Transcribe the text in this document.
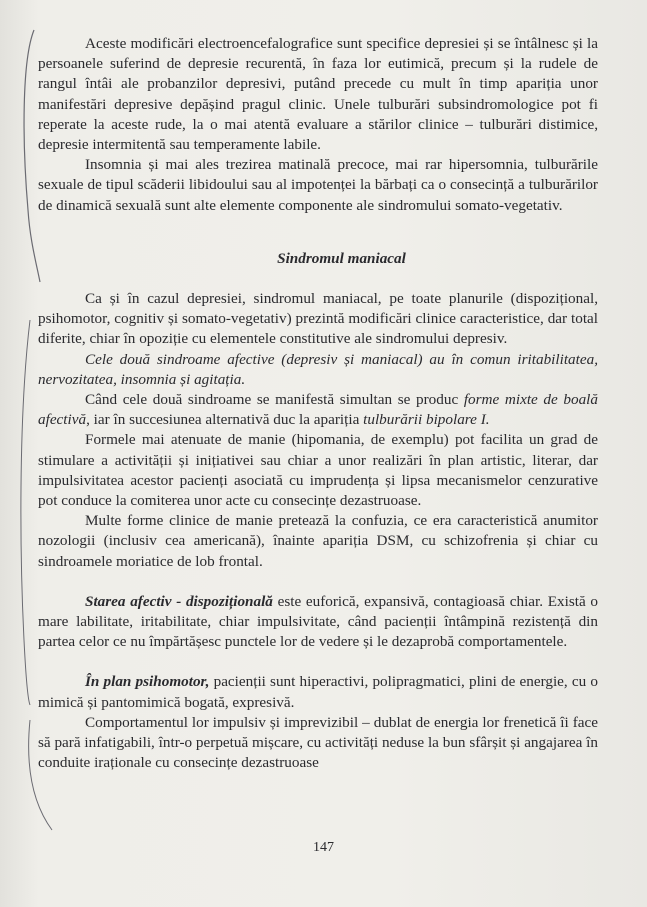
Aceste modificări electroencefalografice sunt specifice depresiei și se întâlnesc și la persoanele suferind de depresie recurentă, în faza lor eutimică, precum și la rudele de rangul întâi ale probanzilor depresivi, putând precede cu mult în timp apariția unor manifestări depresive depășind pragul clinic. Unele tulburări subsindromologice pot fi reperate la aceste rude, la o mai atentă evaluare a stărilor clinice – tulburări distimice, depresie intermitentă sau temperamente labile.

Insomnia și mai ales trezirea matinală precoce, mai rar hipersomnia, tulburările sexuale de tipul scăderii libidoului sau al impotenței la bărbați ca o consecință a tulburărilor de dinamică sexuală sunt alte elemente componente ale sindromului somato-vegetativ.

Sindromul maniacal

Ca și în cazul depresiei, sindromul maniacal, pe toate planurile (dispozițional, psihomotor, cognitiv și somato-vegetativ) prezintă modificări clinice caracteristice, dar total diferite, chiar în opoziție cu elementele constitutive ale sindromului depresiv.

Cele două sindroame afective (depresiv și maniacal) au în comun iritabilitatea, nervozitatea, insomnia și agitația.

Când cele două sindroame se manifestă simultan se produc forme mixte de boală afectivă, iar în succesiunea alternativă duc la apariția tulburării bipolare I.

Formele mai atenuate de manie (hipomania, de exemplu) pot facilita un grad de stimulare a activității și inițiativei sau chiar a unor realizări în plan artistic, literar, dar impulsivitatea acestor pacienți asociată cu imprudența și lipsa mecanismelor cenzurative pot conduce la comiterea unor acte cu consecințe dezastruoase.

Multe forme clinice de manie pretează la confuzia, ce era caracteristică anumitor nozologii (inclusiv cea americană), înainte apariția DSM, cu schizofrenia și chiar cu sindroamele moriatice de lob frontal.

Starea afectiv - dispozițională este euforică, expansivă, contagioasă chiar. Există o mare labilitate, iritabilitate, chiar impulsivitate, când pacienții întâmpină rezistență din partea celor ce nu împărtășesc punctele lor de vedere și le dezaprobă comportamentele.

În plan psihomotor, pacienții sunt hiperactivi, polipragmatici, plini de energie, cu o mimică și pantomimică bogată, expresivă.

Comportamentul lor impulsiv și imprevizibil – dublat de energia lor frenetică îi face să pară infatigabili, într-o perpetuă mișcare, cu activități neduse la bun sfârșit și angajarea în conduite iraționale cu consecințe dezastruoase

147
